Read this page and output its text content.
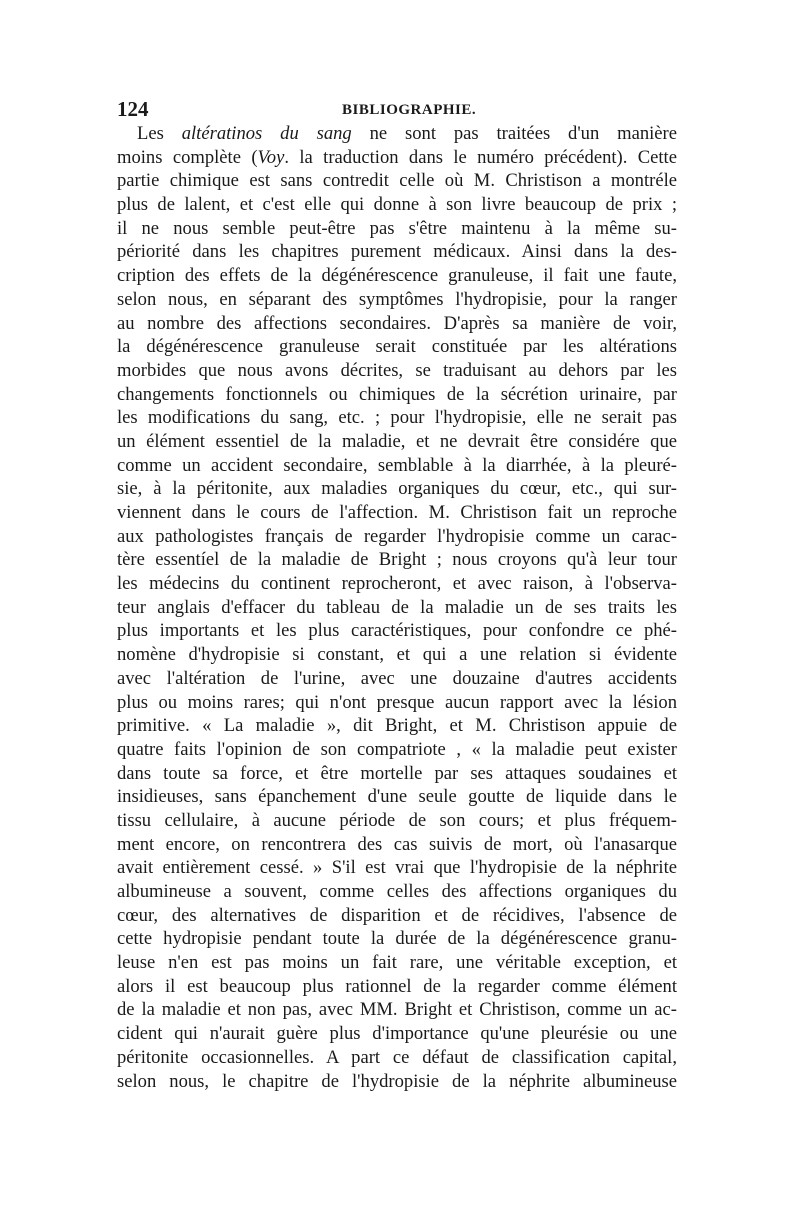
124	BIBLIOGRAPHIE.
Les altératinos du sang ne sont pas traitées d'un manière
moins complète (Voy. la traduction dans le numéro précédent). Cette
partie chimique est sans contredit celle où M. Christison a montréle
plus de lalent, et c'est elle qui donne à son livre beaucoup de prix ;
il ne nous semble peut-être pas s'être maintenu à la même su-
périorité dans les chapitres purement médicaux. Ainsi dans la des-
cription des effets de la dégénérescence granuleuse, il fait une faute,
selon nous, en séparant des symptômes l'hydropisie, pour la ranger
au nombre des affections secondaires. D'après sa manière de voir,
la dégénérescence granuleuse serait constituée par les altérations
morbides que nous avons décrites, se traduisant au dehors par les
changements fonctionnels ou chimiques de la sécrétion urinaire, par
les modifications du sang, etc. ; pour l'hydropisie, elle ne serait pas
un élément essentiel de la maladie, et ne devrait être considére que
comme un accident secondaire, semblable à la diarrhée, à la pleuré-
sie, à la péritonite, aux maladies organiques du cœur, etc., qui sur-
viennent dans le cours de l'affection. M. Christison fait un reproche
aux pathologistes français de regarder l'hydropisie comme un carac-
tère essentíel de la maladie de Bright ; nous croyons qu'à leur tour
les médecins du continent reprocheront, et avec raison, à l'observa-
teur anglais d'effacer du tableau de la maladie un de ses traits les
plus importants et les plus caractéristiques, pour confondre ce phé-
nomène d'hydropisie si constant, et qui a une relation si évidente
avec l'altération de l'urine, avec une douzaine d'autres accidents
plus ou moins rares; qui n'ont presque aucun rapport avec la lésion
primitive. « La maladie », dit Bright, et M. Christison appuie de
quatre faits l'opinion de son compatriote , « la maladie peut exister
dans toute sa force, et être mortelle par ses attaques soudaines et
insidieuses, sans épanchement d'une seule goutte de liquide dans le
tissu cellulaire, à aucune période de son cours; et plus fréquem-
ment encore, on rencontrera des cas suivis de mort, où l'anasarque
avait entièrement cessé. » S'il est vrai que l'hydropisie de la néphrite
albumineuse a souvent, comme celles des affections organiques du
cœur, des alternatives de disparition et de récidives, l'absence de
cette hydropisie pendant toute la durée de la dégénérescence granu-
leuse n'en est pas moins un fait rare, une véritable exception, et
alors il est beaucoup plus rationnel de la regarder comme élément
de la maladie et non pas, avec MM. Bright et Christison, comme un ac-
cident qui n'aurait guère plus d'importance qu'une pleurésie ou une
péritonite occasionnelles. A part ce défaut de classification capital,
selon nous, le chapitre de l'hydropisie de la néphrite albumineuse
